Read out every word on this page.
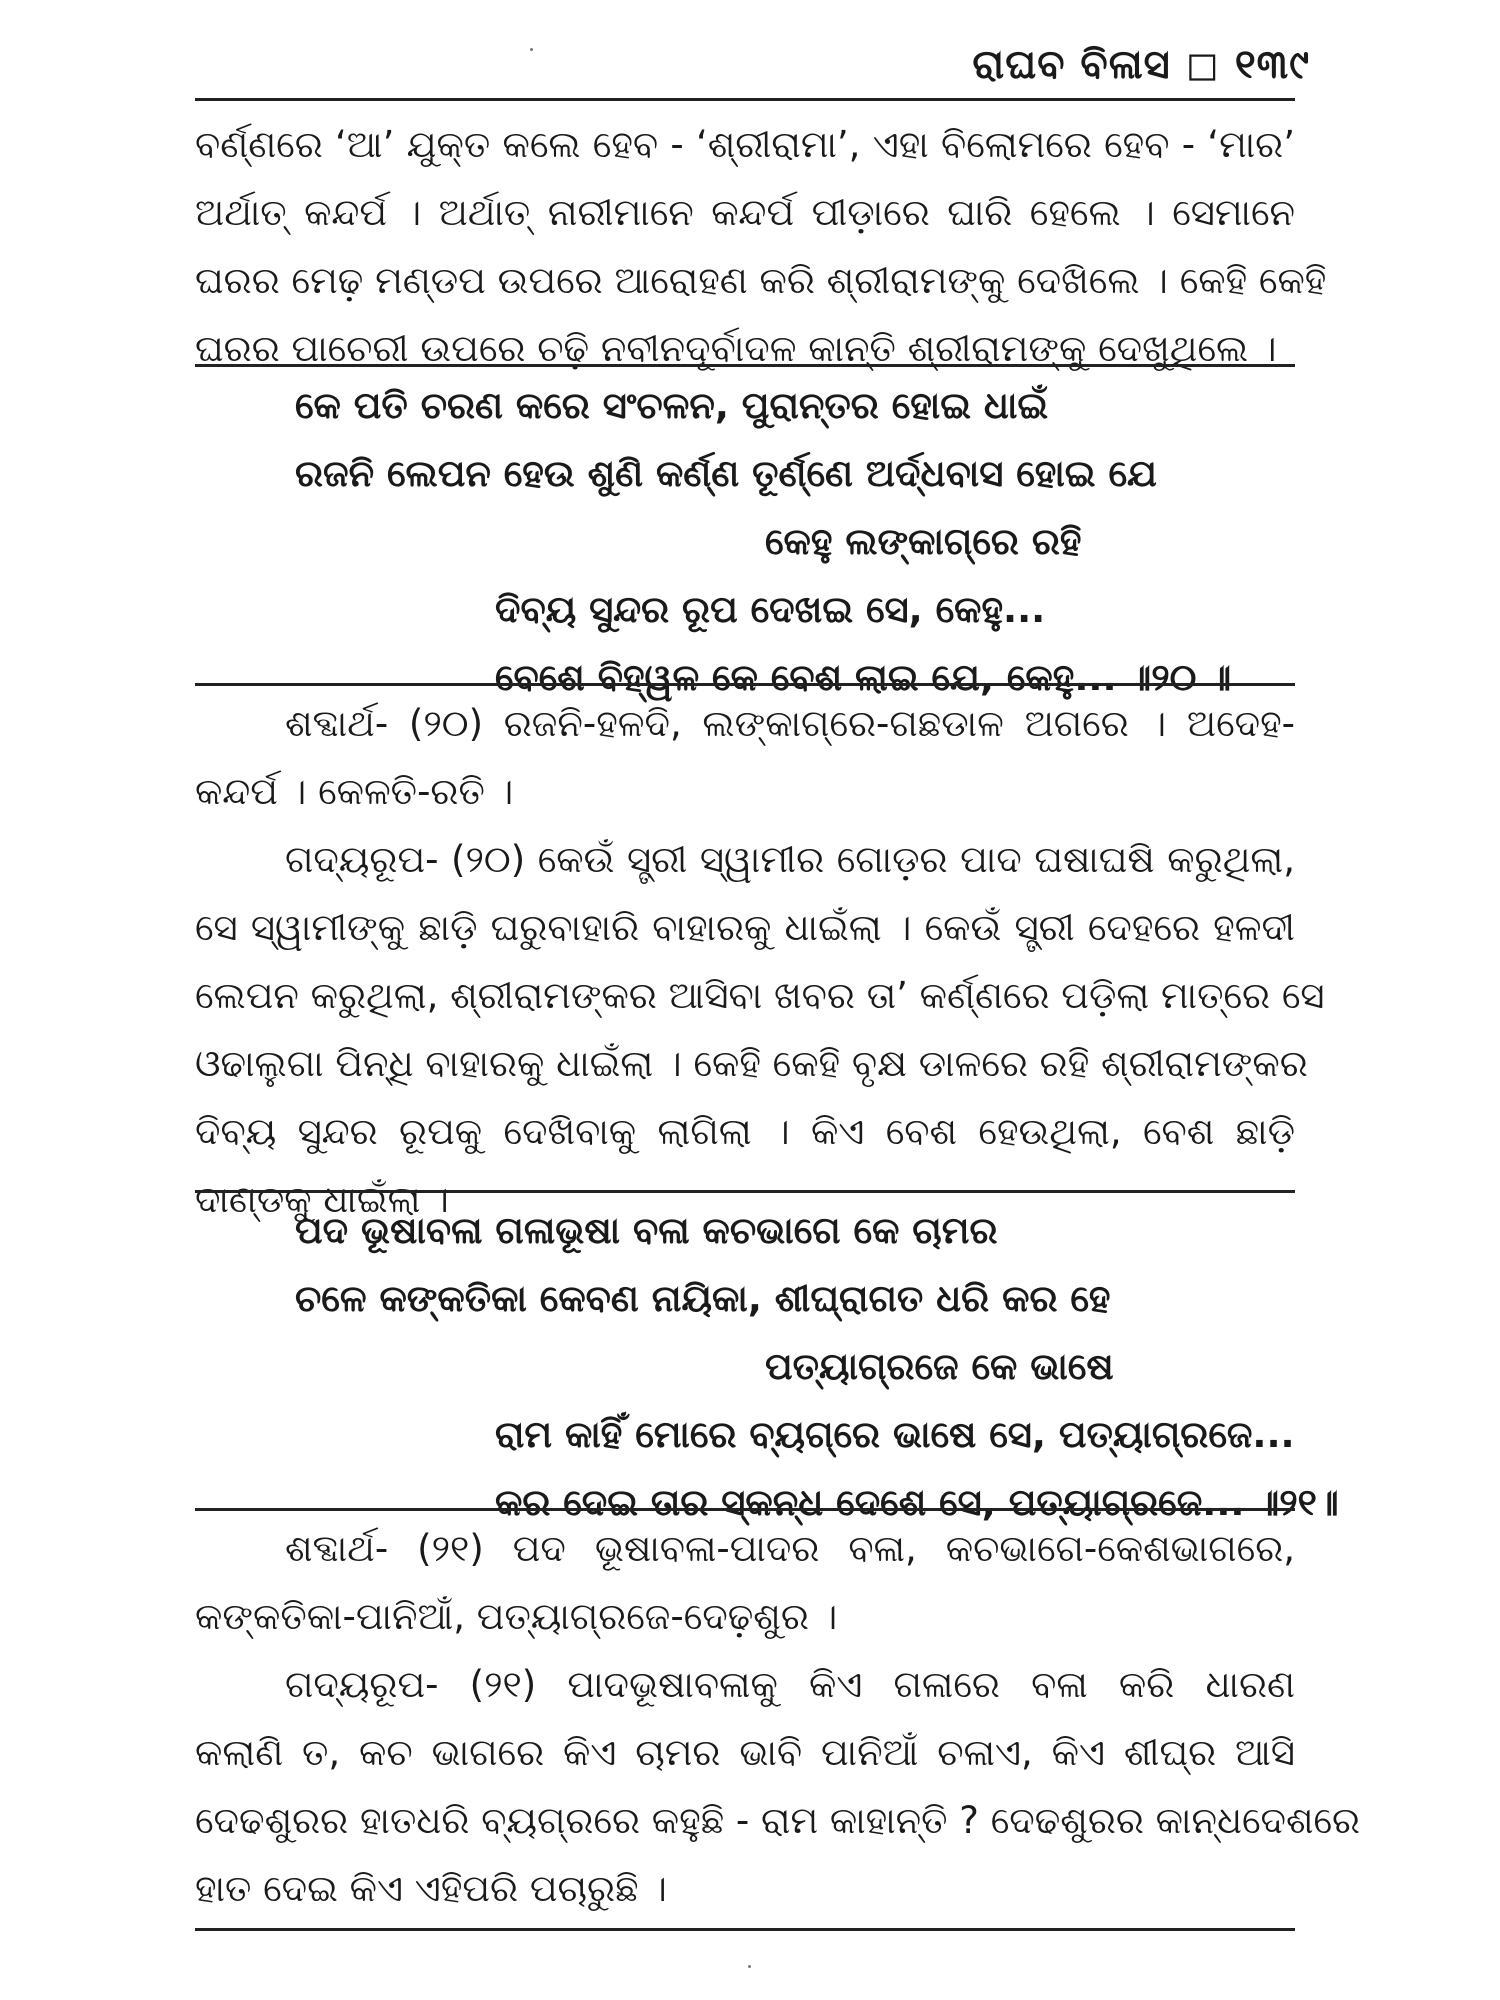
ରାଘବ ବିଳାସ ◻ ୧୩୯
ବର୍ଣ୍ଣରେ ‘ଆ’ ଯୁକ୍ତ କଲେ ହେବ - ‘ଶ୍ରୀରାମା’, ଏହା ବିଲୋମରେ ହେବ - ‘ମାର’
ଅର୍ଥାତ୍ କନ୍ଦର୍ପ । ଅର୍ଥାତ୍ ନାରୀମାନେ କନ୍ଦର୍ପ ପୀଡ଼ାରେ ଘାରି ହେଲେ । ସେମାନେ
ଘରର ମେଢ଼ ମଣ୍ଡପ ଉପରେ ଆରୋହଣ କରି ଶ୍ରୀରାମଙ୍କୁ ଦେଖିଲେ । କେହି କେହି
ଘରର ପାଚେରୀ ଉପରେ ଚଢ଼ି ନବୀନଦୂର୍ବାଦଳ କାନ୍ତି ଶ୍ରୀରାମଙ୍କୁ ଦେଖୁଥିଲେ ।
କେ ପତି ଚରଣ କରେ ସଂଚଳନ, ପୁରାନ୍ତର ହୋଇ ଧାଇଁ
ରଜନି ଲେପନ ହେଉ ଶୁଣି କର୍ଣ୍ଣ ତୂର୍ଣ୍ଣେ ଅର୍ଦ୍ଧବାସ ହୋଇ ଯେ
କେହୁ ଲଙ୍କାଗ୍ରେ ରହି
ଦିବ୍ୟ ସୁନ୍ଦର ରୂପ ଦେଖଇ ସେ, କେହୁ...
ବେଶେ ବିହ୍ୱଳ କେ ବେଶ ଲାଇ ଯେ, କେହୁ... ॥୨୦ ॥
ଶବ୍ଦାର୍ଥ- (୨୦) ରଜନି-ହଳଦି, ଲଙ୍କାଗ୍ରେ-ଗଛଡାଳ ଅଗରେ । ଅଦେହ-
କନ୍ଦର୍ପ । କେଳତି-ରତି ।
ଗଦ୍ୟରୂପ- (୨୦) କେଉଁ ସ୍ତ୍ରୀ ସ୍ୱାମୀର ଗୋଡ଼ର ପାଦ ଘଷାଘଷି କରୁଥିଲା,
ସେ ସ୍ୱାମୀଙ୍କୁ ଛାଡ଼ି ଘରୁବାହାରି ବାହାରକୁ ଧାଇଁଲା । କେଉଁ ସ୍ତ୍ରୀ ଦେହରେ ହଳଦୀ
ଲେପନ କରୁଥିଲା, ଶ୍ରୀରାମଙ୍କର ଆସିବା ଖବର ତା’ କର୍ଣ୍ଣରେ ପଡ଼ିଲା ମାତ୍ରେ ସେ
ଓଢାଲୁଗା ପିନ୍ଧି ବାହାରକୁ ଧାଇଁଲା । କେହି କେହି ବୃକ୍ଷ ଡାଳରେ ରହି ଶ୍ରୀରାମଙ୍କର
ଦିବ୍ୟ ସୁନ୍ଦର ରୂପକୁ ଦେଖିବାକୁ ଲାଗିଲା । କିଏ ବେଶ ହେଉଥିଲା, ବେଶ ଛାଡ଼ି
ଦାଣ୍ଡକୁ ଧାଇଁଲା ।
ପଦ ଭୂଷାବଳା ଗଳାଭୂଷା ବଳା କଚଭାଗେ କେ ଚାମର
ଚଳେ କଙ୍କତିକା କେବଣ ନାୟିକା, ଶୀଘ୍ରାଗତ ଧରି କର ହେ
ପତ୍ୟାଗ୍ରଜେ କେ ଭାଷେ
ରାମ କାହିଁ ମୋରେ ବ୍ୟଗ୍ରେ ଭାଷେ ସେ, ପତ୍ୟାଗ୍ରଜେ...
କର ଦେଇ ତାର ସ୍କନ୍ଧ ଦେଶେ ସେ, ପତ୍ୟାଗ୍ରଜେ... ॥୨୧॥
ଶବ୍ଦାର୍ଥ- (୨୧) ପଦ ଭୂଷାବଳା-ପାଦର ବଳା, କଚଭାଗେ-କେଶଭାଗରେ,
କଙ୍କତିକା-ପାନିଆଁ, ପତ୍ୟାଗ୍ରଜେ-ଦେଢ଼ଶୁର ।
ଗଦ୍ୟରୂପ- (୨୧) ପାଦଭୂଷାବଳାକୁ କିଏ ଗଳାରେ ବଳା କରି ଧାରଣ
କଲାଣି ତ, କଚ ଭାଗରେ କିଏ ଚାମର ଭାବି ପାନିଆଁ ଚଳାଏ, କିଏ ଶୀଘ୍ର ଆସି
ଦେଢଶୁରର ହାତଧରି ବ୍ୟଗ୍ରରେ କହୁଛି - ରାମ କାହାନ୍ତି ? ଦେଢଶୁରର କାନ୍ଧଦେଶରେ
ହାତ ଦେଇ କିଏ ଏହିପରି ପଚାରୁଛି ।
